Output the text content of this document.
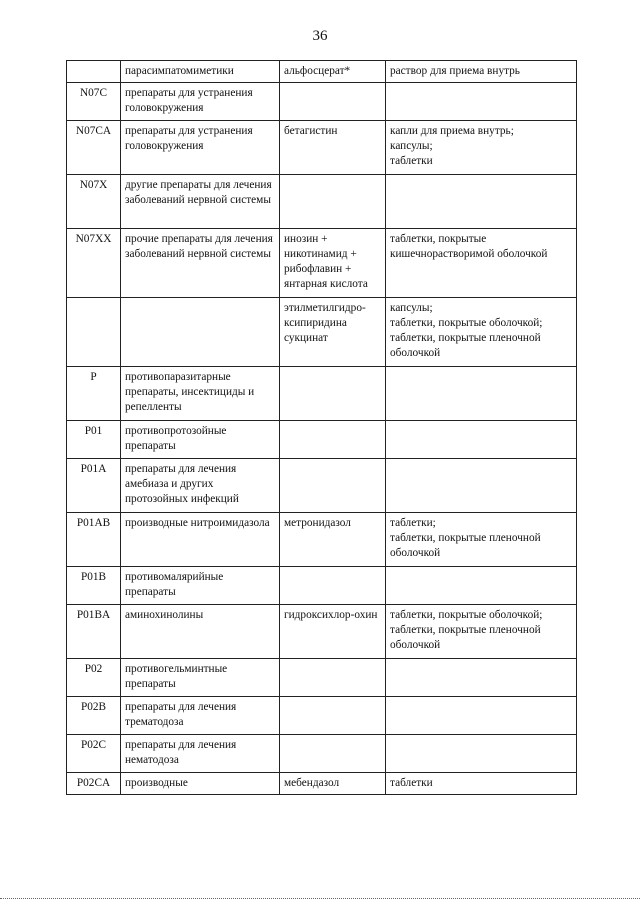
36
	парасимпатомиметики	альфосцерат*	раствор для приема внутрь
N07C	препараты для устранения головокружения		
N07CA	препараты для устранения головокружения	бетагистин	капли для приема внутрь;
капсулы;
таблетки
N07X	другие препараты для лечения заболеваний нервной системы		
N07XX	прочие препараты для лечения заболеваний нервной системы	инозин + никотинамид + рибофлавин + янтарная кислота	таблетки, покрытые кишечнорастворимой оболочкой
		этилметилгидро-ксипиридина сукцинат	капсулы;
таблетки, покрытые оболочкой;
таблетки, покрытые пленочной оболочкой
P	противопаразитарные препараты, инсектициды и репелленты		
P01	противопротозойные препараты		
P01A	препараты для лечения амебиаза и других протозойных инфекций		
P01AB	производные нитроимидазола	метронидазол	таблетки;
таблетки, покрытые пленочной оболочкой
P01B	противомалярийные препараты		
P01BA	аминохинолины	гидроксихлор-охин	таблетки, покрытые оболочкой;
таблетки, покрытые пленочной оболочкой
P02	противогельминтные препараты		
P02B	препараты для лечения трематодоза		
P02C	препараты для лечения нематодоза		
P02CA	производные	мебендазол	таблетки
